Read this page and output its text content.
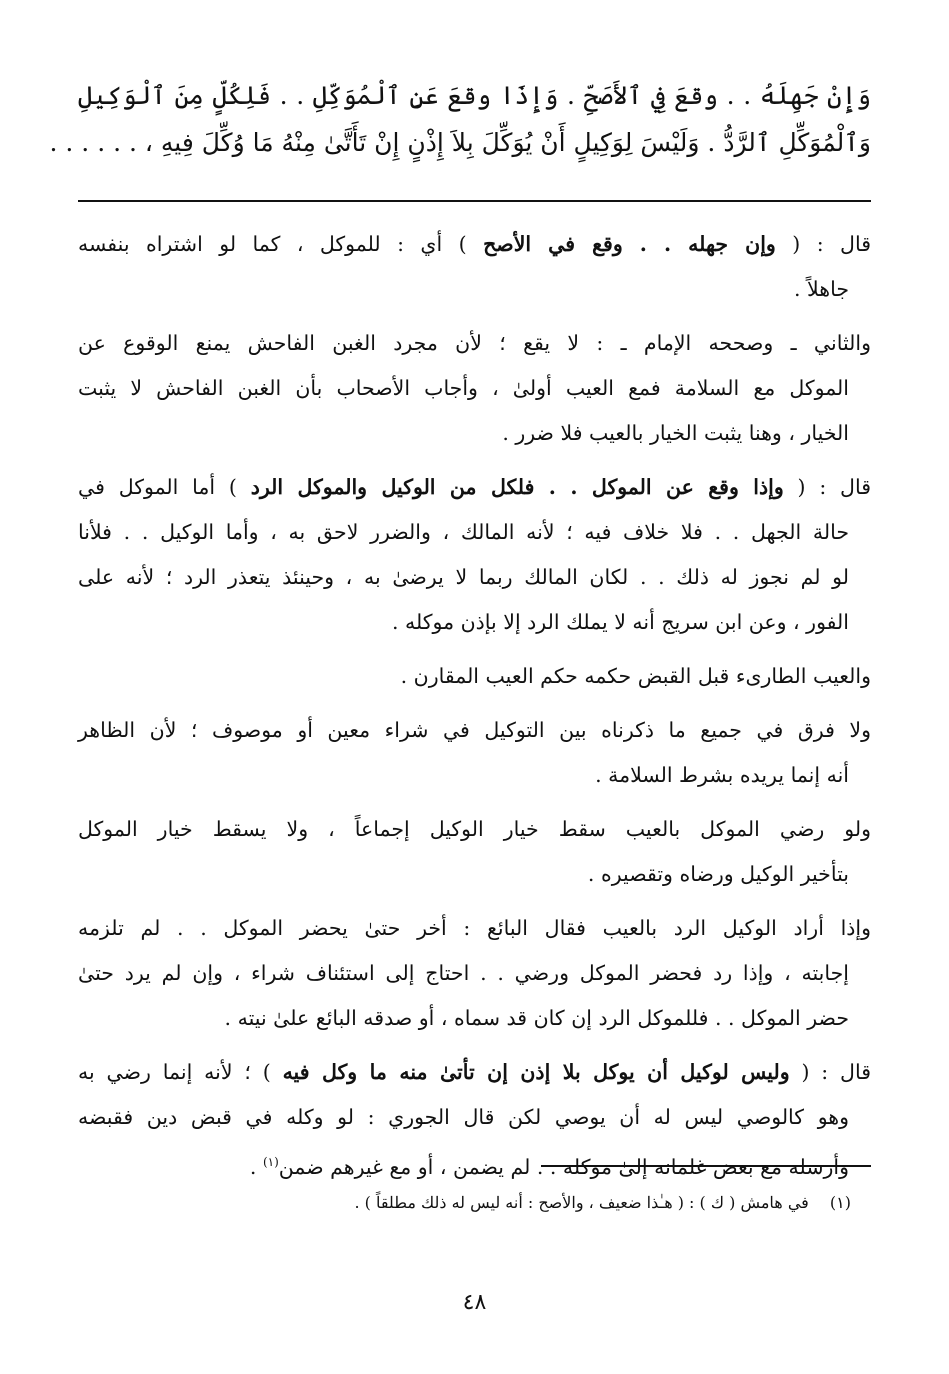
وَإِنْ جَهِلَهُ . . وقعَ فِي ٱلأَصَحِّ . وَإِذَا وقعَ عَنِ ٱلْمُوَكِّلِ . . فَلِكُلٍّ مِنَ ٱلْوَكِيلِ
وَٱلْمُوَكِّلِ ٱلرَّدُّ . وَلَيْسَ لِوَكِيلٍ أَنْ يُوَكِّلَ بِلاَ إِذْنٍ إِنْ تَأَتَّىٰ مِنْهُ مَا وُكِّلَ فِيهِ ، . . . . . .
قال : ( وإن جهله . . وقع في الأصح ) أي : للموكل ، كما لو اشتراه بنفسه
جاهلاً .
والثاني ـ وصححه الإمام ـ : لا يقع ؛ لأن مجرد الغبن الفاحش يمنع الوقوع عن
الموكل مع السلامة فمع العيب أولىٰ ، وأجاب الأصحاب بأن الغبن الفاحش لا يثبت
الخيار ، وهنا يثبت الخيار بالعيب فلا ضرر .
قال : ( وإذا وقع عن الموكل . . فلكل من الوكيل والموكل الرد ) أما الموكل في
حالة الجهل . . فلا خلاف فيه ؛ لأنه المالك ، والضرر لاحق به ، وأما الوكيل . . فلأنا
لو لم نجوز له ذلك . . لكان المالك ربما لا يرضىٰ به ، وحينئذ يتعذر الرد ؛ لأنه على
الفور ، وعن ابن سريج أنه لا يملك الرد إلا بإذن موكله .
والعيب الطارىء قبل القبض حكمه حكم العيب المقارن .
ولا فرق في جميع ما ذكرناه بين التوكيل في شراء معين أو موصوف ؛ لأن الظاهر
أنه إنما يريده بشرط السلامة .
ولو رضي الموكل بالعيب سقط خيار الوكيل إجماعاً ، ولا يسقط خيار الموكل
بتأخير الوكيل ورضاه وتقصيره .
وإذا أراد الوكيل الرد بالعيب فقال البائع : أخر حتىٰ يحضر الموكل . . لم تلزمه
إجابته ، وإذا رد فحضر الموكل ورضي . . احتاج إلى استئناف شراء ، وإن لم يرد حتىٰ
حضر الموكل . . فللموكل الرد إن كان قد سماه ، أو صدقه البائع علىٰ نيته .
قال : ( وليس لوكيل أن يوكل بلا إذن إن تأتىٰ منه ما وكل فيه ) ؛ لأنه إنما رضي به
وهو كالوصي ليس له أن يوصي لكن قال الجوري : لو وكله في قبض دين فقبضه
وأرسله مع بعض غلمانه إلىٰ موكله . . لم يضمن ، أو مع غيرهم ضمن$^{(١)}$ .
(١) في هامش ( ك ) : ( هـٰذا ضعيف ، والأصح : أنه ليس له ذلك مطلقاً ) .
٤٨
